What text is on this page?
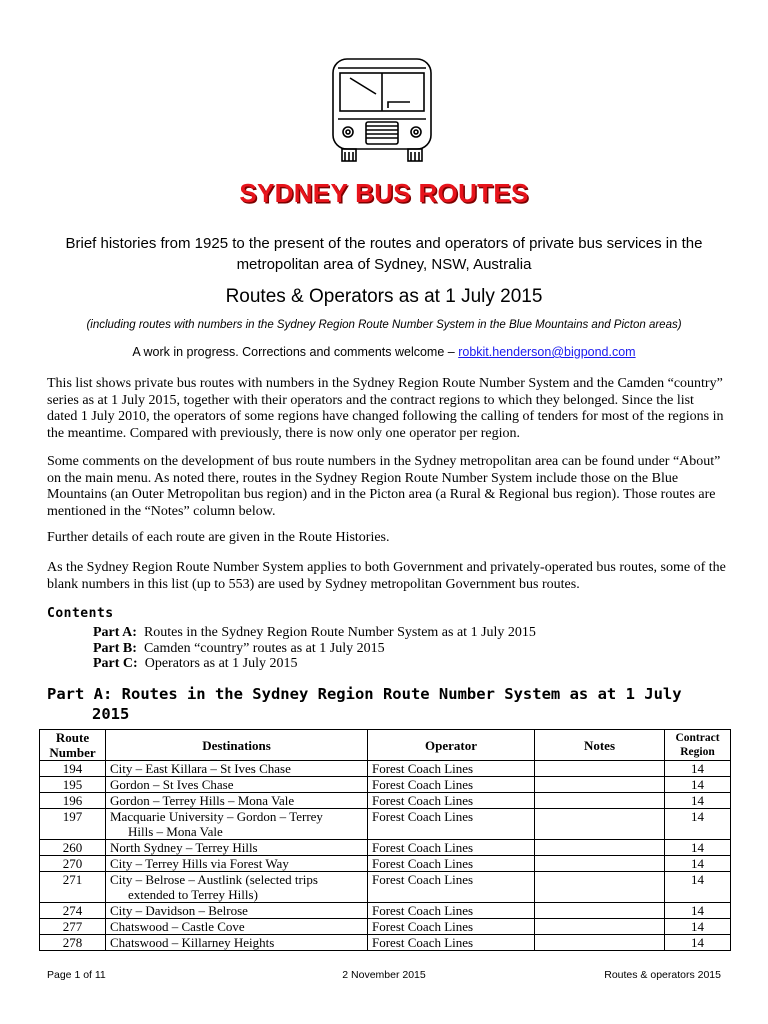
SYDNEY BUS ROUTES
Brief histories from 1925 to the present of the routes and operators of private bus services in the metropolitan area of Sydney, NSW, Australia
Routes & Operators as at 1 July 2015
(including routes with numbers in the Sydney Region Route Number System in the Blue Mountains and Picton areas)
A work in progress. Corrections and comments welcome – robkit.henderson@bigpond.com
This list shows private bus routes with numbers in the Sydney Region Route Number System and the Camden “country” series as at 1 July 2015, together with their operators and the contract regions to which they belonged. Since the list dated 1 July 2010, the operators of some regions have changed following the calling of tenders for most of the regions in the meantime. Compared with previously, there is now only one operator per region.
Some comments on the development of bus route numbers in the Sydney metropolitan area can be found under “About” on the main menu. As noted there, routes in the Sydney Region Route Number System include those on the Blue Mountains (an Outer Metropolitan bus region) and in the Picton area (a Rural & Regional bus region). Those routes are mentioned in the “Notes” column below.
Further details of each route are given in the Route Histories.
As the Sydney Region Route Number System applies to both Government and privately-operated bus routes, some of the blank numbers in this list (up to 553) are used by Sydney metropolitan Government bus routes.
Contents
Part A: Routes in the Sydney Region Route Number System as at 1 July 2015
Part B: Camden “country” routes as at 1 July 2015
Part C: Operators as at 1 July 2015
Part A: Routes in the Sydney Region Route Number System as at 1 July
2015
Route Number	Destinations	Operator	Notes	Contract Region
194	City – East Killara – St Ives Chase	Forest Coach Lines		14
195	Gordon – St Ives Chase	Forest Coach Lines		14
196	Gordon – Terrey Hills – Mona Vale	Forest Coach Lines		14
197	Macquarie University – Gordon – Terrey
Hills – Mona Vale	Forest Coach Lines		14
260	North Sydney – Terrey Hills	Forest Coach Lines		14
270	City – Terrey Hills via Forest Way	Forest Coach Lines		14
271	City – Belrose – Austlink (selected trips
extended to Terrey Hills)	Forest Coach Lines		14
274	City – Davidson – Belrose	Forest Coach Lines		14
277	Chatswood – Castle Cove	Forest Coach Lines		14
278	Chatswood – Killarney Heights	Forest Coach Lines		14
Page 1 of 11	2 November 2015	Routes & operators 2015
